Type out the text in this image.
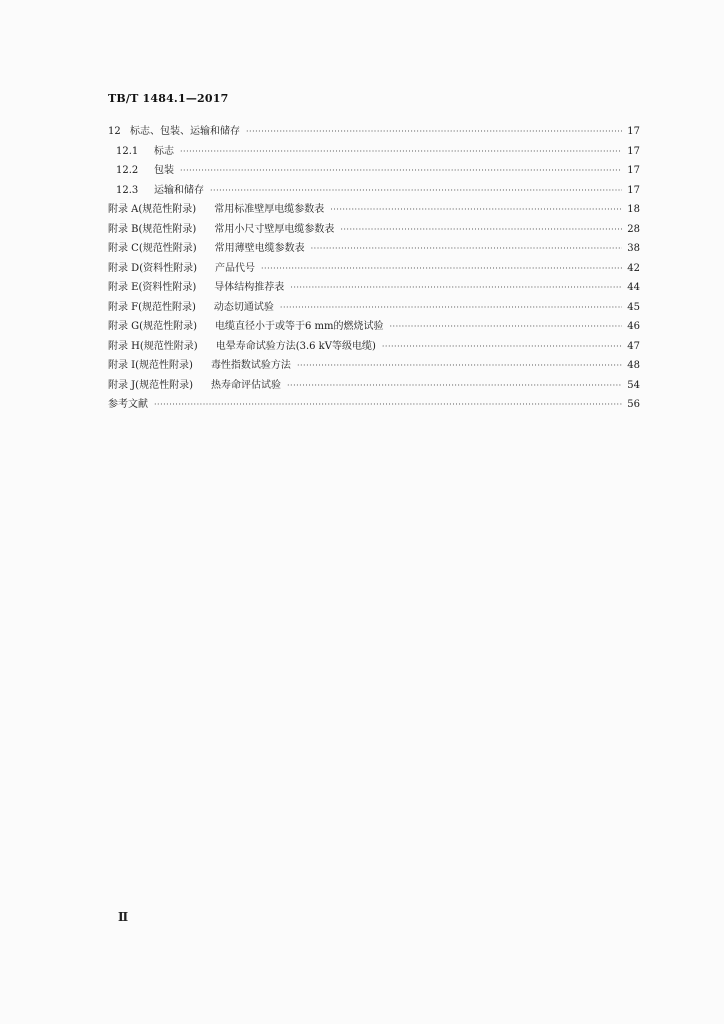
TB/T 1484.1—2017
12 标志、包装、运输和储存 ·····	17
12.1	标志 ·····	17
12.2	包装 ·····	17
12.3	运输和储存 ·····	17
附录 A(规范性附录) 常用标准壁厚电缆参数表 ·····	18
附录 B(规范性附录) 常用小尺寸壁厚电缆参数表 ·····	28
附录 C(规范性附录) 常用薄壁电缆参数表 ·····	38
附录 D(资料性附录) 产品代号 ·····	42
附录 E(资料性附录) 导体结构推荐表 ·····	44
附录 F(规范性附录) 动态切通试验 ·····	45
附录 G(规范性附录) 电缆直径小于或等于6 mm的燃烧试验 ·····	46
附录 H(规范性附录) 电晕寿命试验方法(3.6 kV等级电缆) ·····	47
附录 I(规范性附录) 毒性指数试验方法 ·····	48
附录 J(规范性附录) 热寿命评估试验 ·····	54
参考文献 ·····	56
Ⅱ
